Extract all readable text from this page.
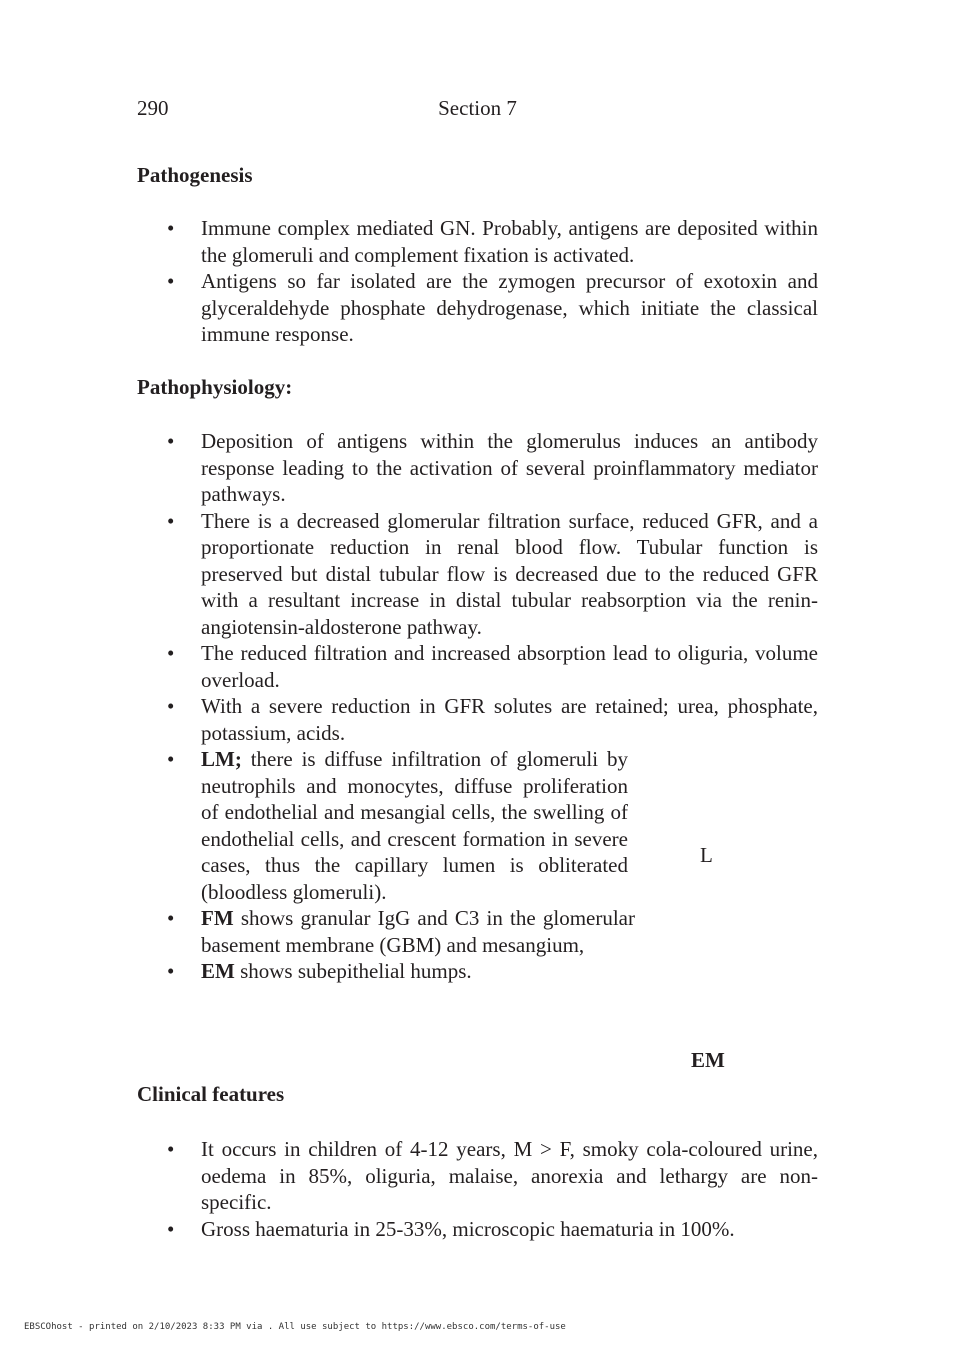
290	Section 7
Pathogenesis
• Immune complex mediated GN. Probably, antigens are deposited within the glomeruli and complement fixation is activated.
• Antigens so far isolated are the zymogen precursor of exotoxin and glyceraldehyde phosphate dehydrogenase, which initiate the classical immune response.
Pathophysiology:
• Deposition of antigens within the glomerulus induces an antibody response leading to the activation of several proinflammatory mediator pathways.
• There is a decreased glomerular filtration surface, reduced GFR, and a proportionate reduction in renal blood flow. Tubular function is preserved but distal tubular flow is decreased due to the reduced GFR with a resultant increase in distal tubular reabsorption via the renin-angiotensin-aldosterone pathway.
• The reduced filtration and increased absorption lead to oliguria, volume overload.
• With a severe reduction in GFR solutes are retained; urea, phosphate, potassium, acids.
• LM; there is diffuse infiltration of glomeruli by neutrophils and monocytes, diffuse proliferation of endothelial and mesangial cells, the swelling of endothelial cells, and crescent formation in severe cases, thus the capillary lumen is obliterated (bloodless glomeruli).
• FM shows granular IgG and C3 in the glomerular basement membrane (GBM) and mesangium,
• EM shows subepithelial humps.
L
EM
Clinical features
• It occurs in children of 4-12 years, M > F, smoky cola-coloured urine, oedema in 85%, oliguria, malaise, anorexia and lethargy are non-specific.
• Gross haematuria in 25-33%, microscopic haematuria in 100%.
EBSCOhost - printed on 2/10/2023 8:33 PM via . All use subject to https://www.ebsco.com/terms-of-use
